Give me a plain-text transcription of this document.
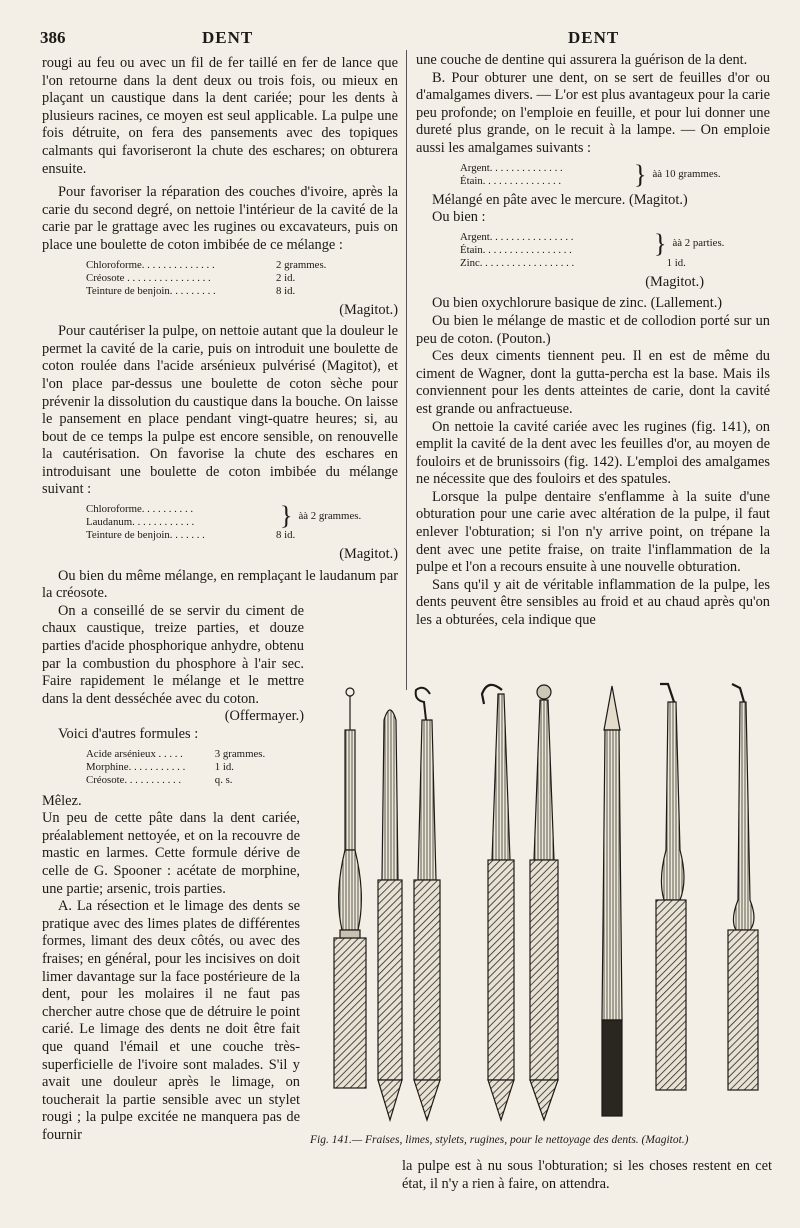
386	DENT	DENT

rougi au feu ou avec un fil de fer taillé en fer de lance que l'on retourne dans la dent deux ou trois fois, ou mieux en plaçant un caustique dans la dent cariée; pour les dents à plusieurs racines, ce moyen est seul applicable. La pulpe une fois détruite, on fera des pansements avec des topiques calmants qui favoriseront la chute des eschares; on obturera ensuite.

Pour favoriser la réparation des couches d'ivoire, après la carie du second degré, on nettoie l'intérieur de la cavité de la carie par le grattage avec les rugines ou excavateurs, puis on place une boulette de coton imbibée de ce mélange :

Chloroforme. . . . . . . . . . . . . .	2 grammes.
Créosote . . . . . . . . . . . . . . . .	2 id.
Teinture de benjoin. . . . . . . . .	8 id.

(Magitot.)

Pour cautériser la pulpe, on nettoie autant que la douleur le permet la cavité de la carie, puis on introduit une boulette de coton roulée dans l'acide arsénieux pulvérisé (Magitot), et l'on place par-dessus une boulette de coton sèche pour prévenir la dissolution du caustique dans la bouche. On laisse le pansement en place pendant vingt-quatre heures; si, au bout de ce temps la pulpe est encore sensible, on renouvelle la cautérisation. On favorise la chute des eschares en introduisant une boulette de coton imbibée du mélange suivant :

Chloroforme. . . . . . . . . .
Laudanum. . . . . . . . . . . .	} àà 2 grammes.
Teinture de benjoin. . . . . . .	8 id.

(Magitot.)

Ou bien du même mélange, en remplaçant le laudanum par la créosote.

On a conseillé de se servir du ciment de chaux caustique, treize parties, et douze parties d'acide phosphorique anhydre, obtenu par la combustion du phosphore à l'air sec. Faire rapidement le mélange et le mettre dans la dent desséchée avec du coton.

(Offermayer.)

Voici d'autres formules :

Acide arsénieux . . . . .	3 grammes.
Morphine. . . . . . . . . . .	1 id.
Créosote. . . . . . . . . . .	q. s.

Mêlez.

Un peu de cette pâte dans la dent cariée, préalablement nettoyée, et on la recouvre de mastic en larmes. Cette formule dérive de celle de G. Spooner : acétate de morphine, une partie; arsenic, trois parties.

A. La résection et le limage des dents se pratique avec des limes plates de différentes formes, limant des deux côtés, ou avec des fraises; en général, pour les incisives on doit limer davantage sur la face postérieure de la dent, pour les molaires il ne faut pas chercher autre chose que de détruire le point carié. Le limage des dents ne doit être fait que quand l'émail et une couche très-superficielle de l'ivoire sont malades. S'il y avait une douleur après le limage, on toucherait la partie sensible avec un stylet rougi ; la pulpe excitée ne manquera pas de fournir

une couche de dentine qui assurera la guérison de la dent.

B. Pour obturer une dent, on se sert de feuilles d'or ou d'amalgames divers. — L'or est plus avantageux pour la carie peu profonde; on l'emploie en feuille, et pour lui donner une dureté plus grande, on le recuit à la lampe. — On emploie aussi les amalgames suivants :

Argent. . . . . . . . . . . . . .
Étain. . . . . . . . . . . . . . .	} àà 10 grammes.

Mélangé en pâte avec le mercure. (Magitot.)

Ou bien :

Argent. . . . . . . . . . . . . . . .
Étain. . . . . . . . . . . . . . . . .	} àà 2 parties.
Zinc. . . . . . . . . . . . . . . . . .	1 id.

(Magitot.)

Ou bien oxychlorure basique de zinc. (Lallement.)

Ou bien le mélange de mastic et de collodion porté sur un peu de coton. (Pouton.)

Ces deux ciments tiennent peu. Il en est de même du ciment de Wagner, dont la gutta-percha est la base. Mais ils conviennent pour les dents atteintes de carie, dont la cavité est grande ou anfractueuse.

On nettoie la cavité cariée avec les rugines (fig. 141), on emplit la cavité de la dent avec les feuilles d'or, au moyen de fouloirs et de brunissoirs (fig. 142). L'emploi des amalgames ne nécessite que des fouloirs et des spatules.

Lorsque la pulpe dentaire s'enflamme à la suite d'une obturation pour une carie avec altération de la pulpe, il faut enlever l'obturation; si l'on n'y arrive point, on trépane la dent avec une petite fraise, on traite l'inflammation de la pulpe et l'on a recours ensuite à une nouvelle obturation.

Sans qu'il y ait de véritable inflammation de la pulpe, les dents peuvent être sensibles au froid et au chaud après qu'on les a obturées, cela indique que

Fig. 141.— Fraises, limes, stylets, rugines, pour le nettoyage des dents. (Magitot.)
la pulpe est à nu sous l'obturation; si les choses restent en cet état, il n'y a rien à faire, on attendra.
